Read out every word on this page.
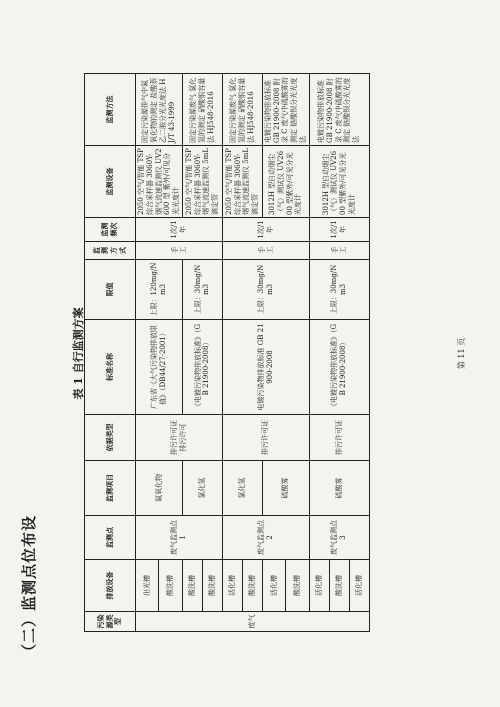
（二）监测点位布设
表 1 自行监测方案
污染源类型	排放设备	监测点	监测项目	依据类型	标准名称	限值	监测方式	监测频次	监测设备	监测方法
废气	出光槽	废气监测点 1	氮氧化物	排污许可证排污许可	广东省《大气污染物排放限值》（DB44/27-2001）	上限：120mg/Nm3	手工	1次/1年	2050 空气/智能 TSP 综合采样器 3060Y-烟气流速监测仪 UV2600 型 紫外/可见分光光度计	固定污染源排气中氮氧化物的测定 盐酸萘乙二胺分光光度法 HJ/T 43-1999
	酸洗槽									
	酸洗槽		氯化氢		《电镀污染物排放标准》（GB 21900-2008）	上限：30mg/Nm3			2050 空气/智能 TSP 综合采样器 3060Y-烟气流速监测仪 5mL 滴定管	固定污染源废气 氯化氢的测定 硝酸银容量法 HJ548-2016
	酸洗槽									
	活化槽	废气监测点 2	氯化氢	排污许可证	电镀污染物排放标准 GB 21900-2008	上限：30mg/Nm3	手工	1次/1年	2050 空气/智能 TSP 综合采样器 3060Y-烟气流速监测仪 5mL 滴定管	固定污染源废气 氯化氢的测定 硝酸银容量法 HJ548-2016
	酸洗槽									
	活化槽		硫酸雾						3012H 型自动烟尘（气）测试仪 UV2600 型紫外/可见分光光度计	电镀污染物排放标准 GB 21900-2008 附录 C 废气中硫酸雾的测定 铬酸钡分光光度法
	酸洗槽									
	活化槽	废气监测点 3	硫酸雾	排污许可证	《电镀污染物排放标准》（GB 21900-2008）	上限：30mg/Nm3	手工	1次/1年	3012H 型自动烟尘（气）测试仪 UV2600 型紫外/可见分光光度计	电镀污染物排放标准 GB 21900-2008 附录 C 废气中硫酸雾的测定 铬酸钡分光光度法
	酸洗槽									
	活化槽									
第 11 页
